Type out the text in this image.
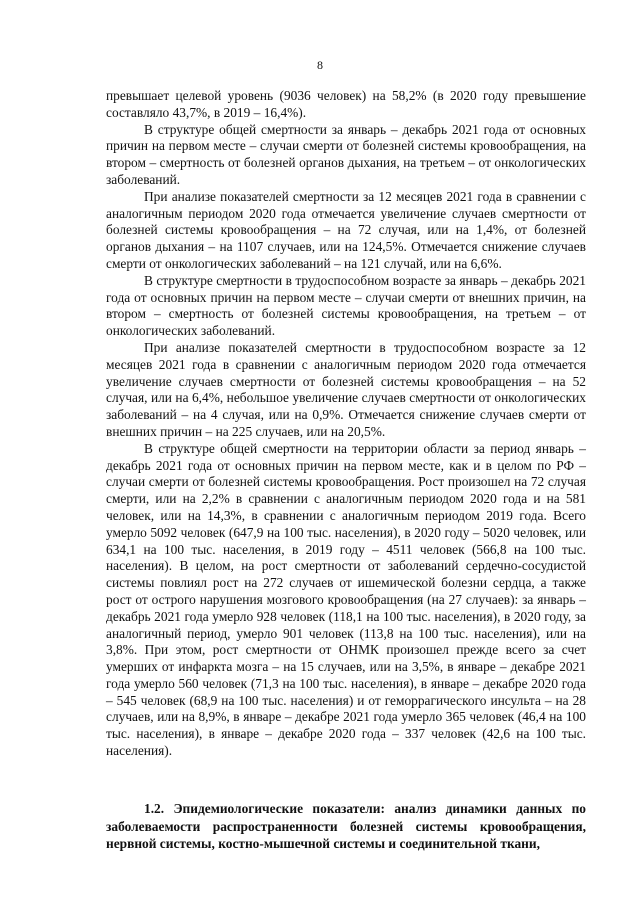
8

превышает целевой уровень (9036 человек) на 58,2% (в 2020 году превышение составляло 43,7%, в 2019 – 16,4%).

В структуре общей смертности за январь – декабрь 2021 года от основных причин на первом месте – случаи смерти от болезней системы кровообращения, на втором – смертность от болезней органов дыхания, на третьем – от онкологических заболеваний.

При анализе показателей смертности за 12 месяцев 2021 года в сравнении с аналогичным периодом 2020 года отмечается увеличение случаев смертности от болезней системы кровообращения – на 72 случая, или на 1,4%, от болезней органов дыхания – на 1107 случаев, или на 124,5%. Отмечается снижение случаев смерти от онкологических заболеваний – на 121 случай, или на 6,6%.

В структуре смертности в трудоспособном возрасте за январь – декабрь 2021 года от основных причин на первом месте – случаи смерти от внешних причин, на втором – смертность от болезней системы кровообращения, на третьем – от онкологических заболеваний.

При анализе показателей смертности в трудоспособном возрасте за 12 месяцев 2021 года в сравнении с аналогичным периодом 2020 года отмечается увеличение случаев смертности от болезней системы кровообращения – на 52 случая, или на 6,4%, небольшое увеличение случаев смертности от онкологических заболеваний – на 4 случая, или на 0,9%. Отмечается снижение случаев смерти от внешних причин – на 225 случаев, или на 20,5%.

В структуре общей смертности на территории области за период январь – декабрь 2021 года от основных причин на первом месте, как и в целом по РФ – случаи смерти от болезней системы кровообращения. Рост произошел на 72 случая смерти, или на 2,2% в сравнении с аналогичным периодом 2020 года и на 581 человек, или на 14,3%, в сравнении с аналогичным периодом 2019 года. Всего умерло 5092 человек (647,9 на 100 тыс. населения), в 2020 году – 5020 человек, или 634,1 на 100 тыс. населения, в 2019 году – 4511 человек (566,8 на 100 тыс. населения). В целом, на рост смертности от заболеваний сердечно-сосудистой системы повлиял рост на 272 случаев от ишемической болезни сердца, а также рост от острого нарушения мозгового кровообращения (на 27 случаев): за январь – декабрь 2021 года умерло 928 человек (118,1 на 100 тыс. населения), в 2020 году, за аналогичный период, умерло 901 человек (113,8 на 100 тыс. населения), или на 3,8%. При этом, рост смертности от ОНМК произошел прежде всего за счет умерших от инфаркта мозга – на 15 случаев, или на 3,5%, в январе – декабре 2021 года умерло 560 человек (71,3 на 100 тыс. населения), в январе – декабре 2020 года – 545 человек (68,9 на 100 тыс. населения) и от геморрагического инсульта – на 28 случаев, или на 8,9%, в январе – декабре 2021 года умерло 365 человек (46,4 на 100 тыс. населения), в январе – декабре 2020 года – 337 человек (42,6 на 100 тыс. населения).

1.2. Эпидемиологические показатели: анализ динамики данных по заболеваемости распространенности болезней системы кровообращения, нервной системы, костно-мышечной системы и соединительной ткани,
